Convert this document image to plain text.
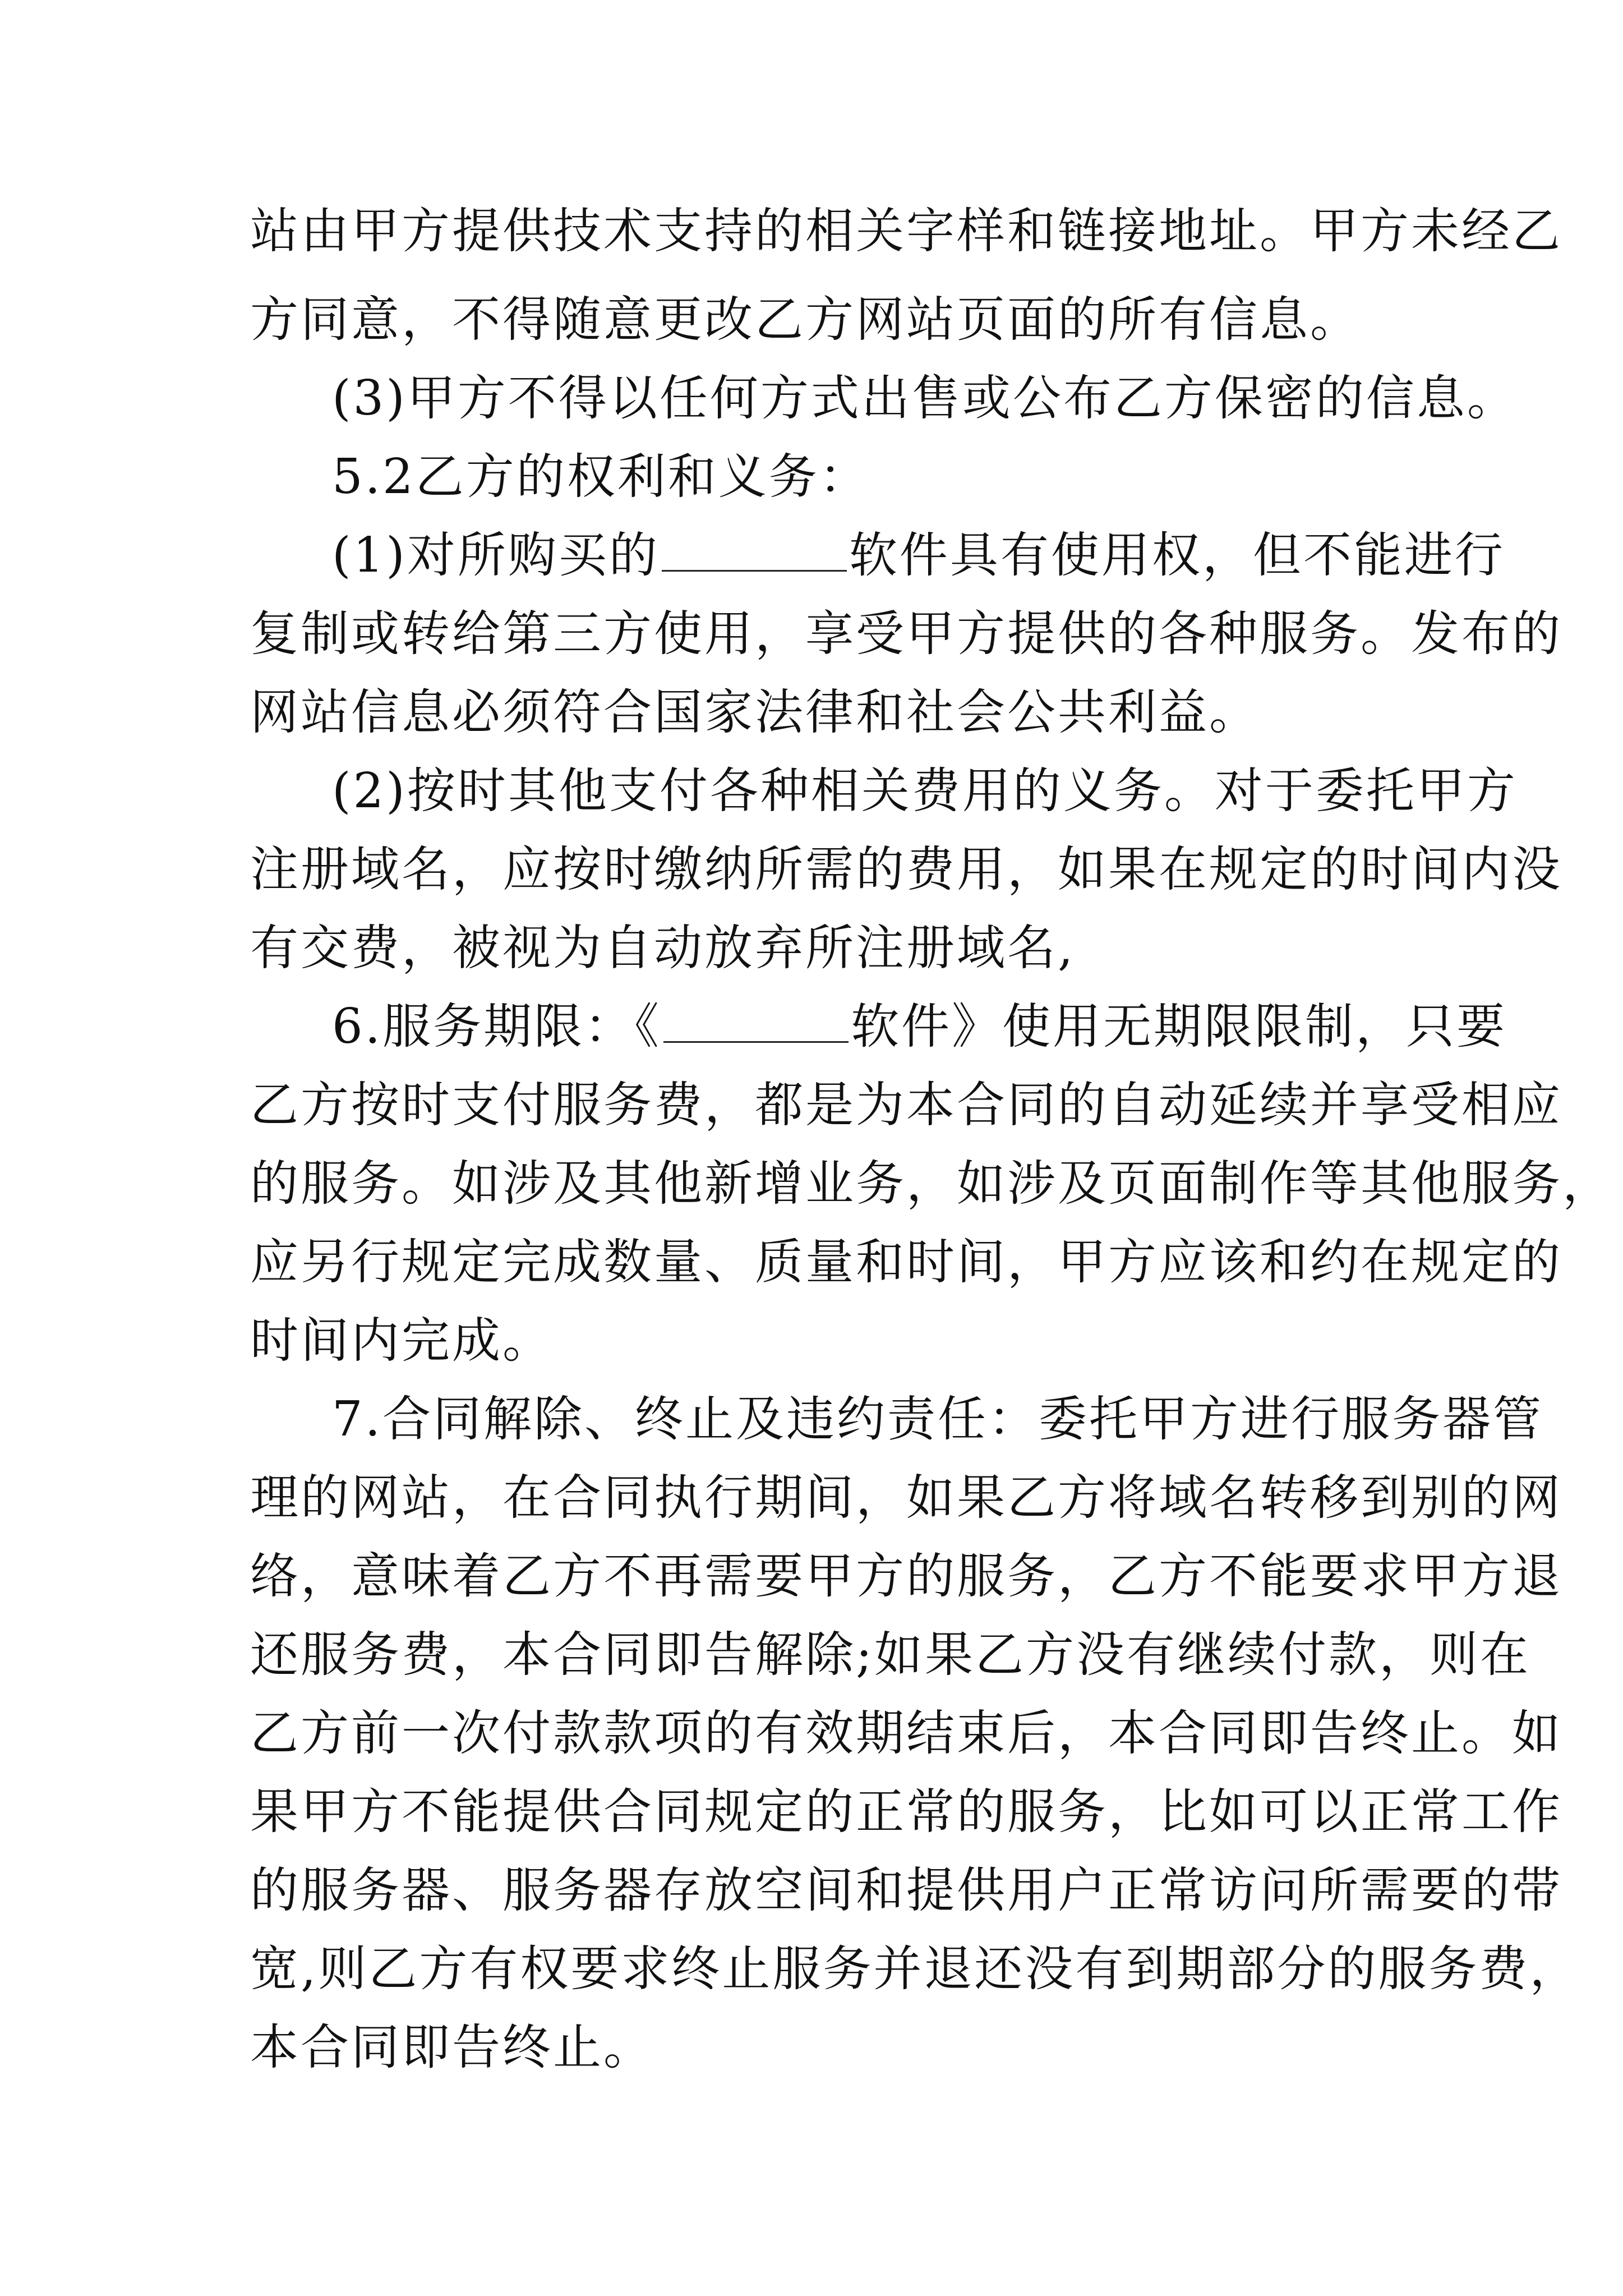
站由甲方提供技术支持的相关字样和链接地址。甲方未经乙
方同意，不得随意更改乙方网站页面的所有信息。
(3)甲方不得以任何方式出售或公布乙方保密的信息。
5.2乙方的权利和义务：
(1)对所购买的	软件具有使用权，但不能进行
复制或转给第三方使用，享受甲方提供的各种服务。发布的
网站信息必须符合国家法律和社会公共利益。
(2)按时其他支付各种相关费用的义务。对于委托甲方
注册域名，应按时缴纳所需的费用，如果在规定的时间内没
有交费，被视为自动放弃所注册域名,
6.服务期限：《	软件》使用无期限限制，只要
乙方按时支付服务费，都是为本合同的自动延续并享受相应
的服务。如涉及其他新增业务，如涉及页面制作等其他服务，
应另行规定完成数量、质量和时间，甲方应该和约在规定的
时间内完成。
7.合同解除、终止及违约责任：委托甲方进行服务器管
理的网站，在合同执行期间，如果乙方将域名转移到别的网
络，意味着乙方不再需要甲方的服务，乙方不能要求甲方退
还服务费，本合同即告解除;如果乙方没有继续付款，则在
乙方前一次付款款项的有效期结束后，本合同即告终止。如
果甲方不能提供合同规定的正常的服务，比如可以正常工作
的服务器、服务器存放空间和提供用户正常访问所需要的带
宽,则乙方有权要求终止服务并退还没有到期部分的服务费，
本合同即告终止。
